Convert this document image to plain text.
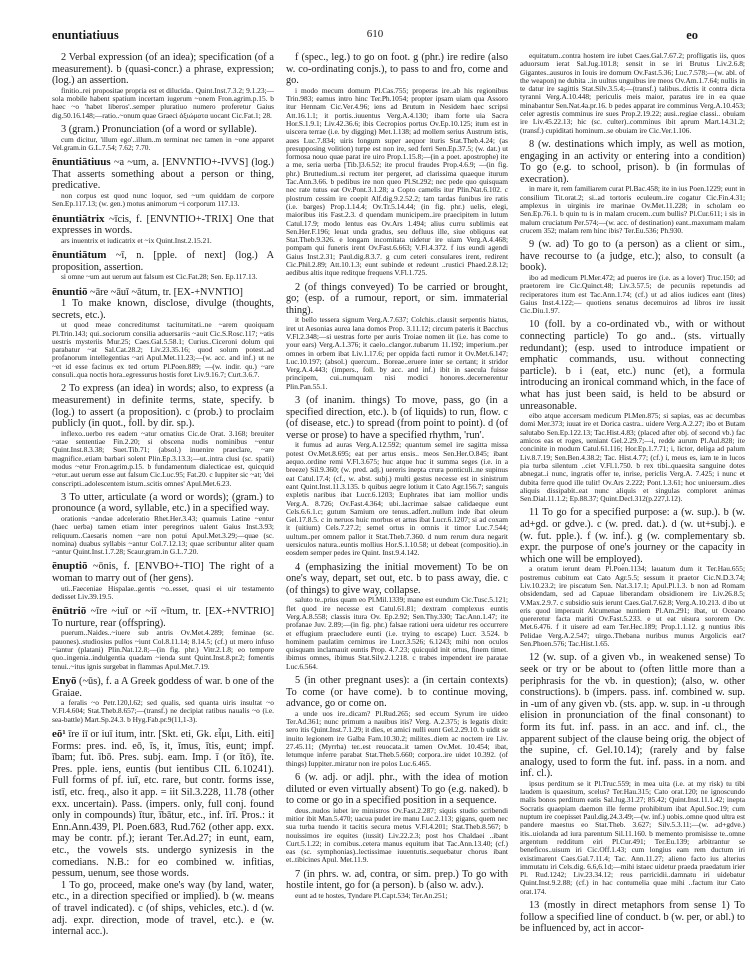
enuntiatiuus	610	eo

2 Verbal expression (of an idea); specification (of a measurement). b (quasi-concr.) a phrase, expression; (log.) an assertion.

finitio..rei propositae propria est et dilucida.. Quint.Inst.7.3.2; 9.1.23;—sola mobile habent spatium incertam iugerum ~onem Fron.agrim.p.15. b haec ~o 'habet liberos'..semper pluratiuo numero proferetur Gaius dig.50.16.148;—ratio..~onum quae Graeci ἀξιώματα uocant Cic.Fat.1; 28.

3 (gram.) Pronunciation (of a word or syllable).

cum dicitur, 'illum ego'..illum..m terminat nec tamen in ~one apparet Vel.gram.in G.L.7.54; 7.62; 7.70.

ēnuntiātiuus ~a ~um, a. [ENVNTIO+-IVVS] (log.) That asserts something about a person or thing, predicative.

non corpus est quod nunc loquor, sed ~um quiddam de corpore Sen.Ep.117.13; (w. gen.) motus animorum ~i corporum 117.13.

ēnuntiātrix ~īcis, f. [ENVNTIO+-TRIX] One that expresses in words.

ars inuentrix et iudicatrix et ~ix Quint.Inst.2.15.21.

ēnuntiātum ~ī, n. [pple. of next] (log.) A proposition, assertion.

si omne ~um aut uerum aut falsum est Cic.Fat.28; Sen. Ep.117.13.

ēnuntiō ~āre ~āuī ~ātum, tr. [EX-+NVNTIO]

1 To make known, disclose, divulge (thoughts, secrets, etc.).

ut quod meae concreditumst taciturnitati..ne ~arem quoiquam Pl.Trin.143; qui..sociorum consilia aduersariis ~auit Cic.S.Rosc.117; ~atis uestris mysteriis Mur.25; Caes.Gal.5.58.1; Curius..Ciceroni dolum qui parabatur ~at Sal.Cat.28.2; Liv.23.35.16; quod solum potest..ad profanorum intellegentias ~ari Apul.Met.11.23;—(w. acc. and inf.) ut ne ~et id esse facinus ex ted ortum Pl.Poen.889; —(w. indir. qu.) ~are consuli..qua noctis hora..egressurus hostis foret Liv.9.16.7; Curt.3.6.7.

2 To express (an idea) in words; also, to express (a measurement) in definite terms, state, specify. b (log.) to assert (a proposition). c (prob.) to proclaim publicly (in quot., foll. by dir. sp.).

inflexo..uerbo res eadem ~atur ornatius Cic.de Orat. 3.168; breuiter ~atae sententiae Fin.2.20; si obscena nudis nominibus ~entur Quint.Inst.8.3.38; Suet.Tib.71; (absol.) inuenire praeclare, ~are magnifice..etiam barbari solent Plin.Ep.3.13.3;—ut..intra clusi (sc. spatii) modus ~etur Fron.agrim.p.15. b fundamentum dialecticae est, quicquid ~etur..aut uerum esse aut falsum Cic.Luc.95; Fat.20. c Iuppiter sic ~at; 'dei conscripti..adolescentem istum..scitis omnes' Apul.Met.6.23.

3 To utter, articulate (a word or words); (gram.) to pronounce (a word, syllable, etc.) in a specified way.

orationis ~andae adceleratio Rhet.Her.3.43; quamuis Latine ~entur (haec uerba) tamen etiam inter peregrinos ualent Gaius Inst.3.93; reliquum..Caesaris nomen ~are non potui Apul.Met.3.29;—quae (sc. nomina) duabus syllabis ~antur Col.7.12.13; quae scribuntur aliter quam ~antur Quint.Inst.1.7.28; Scaur.gram.in G.L.7.20.

ēnuptiō ~ōnis, f. [ENVBO+-TIO] The right of a woman to marry out of (her gens).

uti..Faeceniae Hispalae..gentis ~o..esset, quasi ei uir testamento dedisset Liv.39.19.5.

ēnūtriō ~īre ~iuī or ~iī ~ītum, tr. [EX-+NVTRIO] To nurture, rear (offspring).

puerum..Naides..~iuere sub antris Ov.Met.4.289; feminae (sc. pauones)..studiosius pullos ~iunt Col.8.11.14; 8.14.5; (cf.) ut mero infuso ~iantur (platani) Plin.Nat.12.8;—(in fig. phr.) Vitr.2.1.8; eo tempore quo..ingenia..indulgentia quadam ~ienda sunt Quint.Inst.8.pr.2; fomentis tenui..~itus ignis surgebat in flammas Apul.Met.7.19.

Enyō (~ūs), f. a A Greek goddess of war. b one of the Graiae.

a feralis ~o Petr.120,l.62; sed qualis, sed quanta uiris insultat ~o V.Fl.4.604; Stat.Theb.8.657;—(transf.) ne decipiat ratibus naualis ~o (i.e. sea-battle) Mart.Sp.24.3. b Hyg.Fab.pr.9(11,1-3).

eō¹ īre iī or iuī itum, intr. [Skt. eti, Gk. εἶμι, Lith. eiti] Forms: pres. ind. eō, īs, it, īmus, ītis, eunt; impf. ībam; fut. ībō. Pres. subj. eam. Imp. ī (or ītō), īte. Pres. pple. iens, euntis (but ientibus CIL 6.10241). Full forms of pf. iuī, etc. rare, but contr. forms isse, istī, etc. freq., also it app. = iit Sil.3.228, 11.78 (other exx. uncertain). Pass. (impers. only, full conj. found only in compounds) ītur, ībātur, etc., inf. īrī. Pros.: it Enn.Ann.439, Pl. Poen.683, Rud.762 (other app. exx. may be contr. pf.); ierant Ter.Ad.27; in eunt, eam, etc., the vowels sts. undergo synizesis in the comedians. N.B.: for eo combined w. infitias, pessum, uenum, see those words.

1 To go, proceed, make one's way (by land, water, etc., in a direction specified or implied). b (w. means of travel indicated). c (of ships, vehicles, etc.). d (w. adj. expr. direction, mode of travel, etc.). e (w. internal acc.).

f (spec., leg.) to go on foot. g (phr.) ire redire (also w. co-ordinating conjs.), to pass to and fro, come and go.

i modo mecum domum Pl.Cas.755; properas ire..ab his regionibus Trin.983; eamus intro hinc Ter.Ph.1054; propter ipsam uiam qua Assoro itur Hennam Cic.Ver.4.96; iens ad Brutum in Nesidem haec scripsi Att.16.1.1; it portis..iuuentus Verg.A.4.130; ibam forte uia Sacra Hor.S.1.9.1; Liv.42.36.6; ibis Cecropios portus Ov.Ep.10.125; itum est in uiscera terrae (i.e. by digging) Met.1.138; ad mollem serius Austrum istis, aues Luc.7.834; uiris longum super aequor ituris Stat.Theb.4.24; (as presupposing volition) turpe est non ire, sed ferri Sen.Ep.37.5; (w. dat.) ut formosa nouo quae parat ire uiro Prop.1.15.8;—(in a poet. apostrophe) ite a me, seria uerba [Tib.]3.6.52; ite procul fraudes Prop.4.6.9; —(in fig. phr.) Bruttedium..si rectum iter pergeret, ad clarissima quaeque iturum Tac.Ann.3.66. b pedibus ire non queo Pl.St.292; nec pede quo quisquam nec rate tutus eat Ov.Pont.3.1.28; a Copto camelis itur Plin.Nat.6.102. c plostrum cessim ire coepit Alf.dig.9.2.52.2; tam tardas funibus ire ratis (i.e. barges) Prop.1.14.4; Ov.Tr.5.14.44; (in fig. phr.) uelis, elegi, maioribus itis Fast.2.3. d quendam municipem..ire praecipitem in lutum Catul.17.9; modo lentus eas Ov.Ars 1.494; alius curru sublimis eat Sen.Her.F.196; leuat unda gradus, seu defluus ille, siue obliquus eat Stat.Theb.9.326. e longam incomitata uidetur ire uiam Verg.A.4.468; pompam qui funeris irent Ov.Fast.6.663; V.Fl.4.372. f ius eundi agendi Gaius Inst.2.31; Paul.dig.8.3.7. g cum ceteri consulares irent, redirent Cic.Phil.2.89; Att.10.1.3; eunt subinde et redeunt ..rustici Phaed.2.8.12; aedibus altis itque reditque frequens V.Fl.1.725.

2 (of things conveyed) To be carried or brought, go; (esp. of a rumour, report, or sim. immaterial thing).

it bello tessera signum Verg.A.7.637; Colchis..clausit serpentis hiatus, iret ut Aesonias aurea lana domos Prop. 3.11.12; circum pateris it Bacchus V.Fl.2.348;—si uestras forte per auris Troiae nomen iit (i.e. has come to your ears) Verg.A.1.376; it caelo..clangor..tubarum 11.192; imperium..per omnes in orbem ibat Liv.1.17.6; per oppida facti rumor it Ov.Met.6.147; Luc.10.197; (absol.) quercum.. Boreae..eruere inter se certant; it stridor Verg.A.4.443; (impers., foll. by acc. and inf.) ibit in saecula fuisse principem, cui..numquam nisi modici honores..decernerentur Plin.Pan.55.1.

3 (of inanim. things) To move, pass, go (in a specified direction, etc.). b (of liquids) to run, flow. c (of disease, etc.) to spread (from point to point). d (of verse or prose) to have a specified rhythm, 'run'.

it fumus ad auras Verg.A.12.592; quantum semel ire sagitta missa potest Ov.Met.8.695; eat per artus ensis.. meos Sen.Her.O.845; ibant aequo..ordine remi V.Fl.3.675; huc atque huc it summa seges (i.e. in a breeze) Sil.9.360; (w. pred. adj.) uereris inepta crura ponticuli..ne supinus eat Catul.17.4; (cf., w. abst. subj.) multi gestus necesse est in sinistrum eant Quint.Inst.11.3.135. b quibus aegre lotium it Cato Agr.156.7; sanguis expletis naribus ibat Lucr.6.1203; Euphrates ibat iam mollior undis Verg.A. 8.726; Ov.Fast.4.364; ubi..lacrimae salsae calidaeque eunt Cels.6.6.1.c; gutum Samium ore tenus..adfert..nullum inde ibat oleum Gel.17.8.5. c in neruos huic morbus et artus ibat Lucr.6.1207; si ad coxam it (uitium) Cels.7.27.2; semel ortus in omnis it timor Luc.7.544; uultum..per omnem pallor it Stat.Theb.7.360. d num rerum dura negarit uersiculos natura..euntis mollius Hor.S.1.10.58; ut debeat (compositio)..in eosdem semper pedes ire Quint. Inst.9.4.142.

4 (emphasizing the initial movement) To be on one's way, depart, set out, etc. b to pass away, die. c (of things) to give way, collapse.

saluto te..prius quam eo Pl.Mil.1339; mane est eundum Cic.Tusc.5.121; flet quod ire necesse est Catul.61.81; dextram complexus euntis Verg.A.8.558; classis itura Ov. Ep.2.92; Sen.Thy.330; Tac.Ann.1.47; ite profanae Juv. 2.89;—(in fig. phr.) falsae rationi uera uidetur res occurrere et effugium praecludere eunti (i.e. trying to escape) Lucr. 3.524. b hominem paulatim cernimus ire Lucr.3.526; 6.1243; mihi non oculos quisquam inclamauit euntis Prop. 4.7.23; quicquid init ortus, finem timet. ibimus omnes, ibimus Stat.Silv.2.1.218. c trabes impendent ire paratae Luc.6.564.

5 (in other pregnant uses): a (in certain contexts) To come (or have come). b to continue moving, advance, go or come on.

a unde uos ire..dicam? Pl.Rud.265; sed eccum Syrum ire uideo Ter.Ad.361; nunc primum a nauibus itis? Verg. A.2.375; is legatis dixit: sero itis Quint.Inst.7.1.29; it dies, et amici nulli eunt Gel.2.29.10. b uidit se inuito legionem ire Galba Fam.10.30.2; milites..diem ac noctem ire Liv. 27.45.11; (Myrrha) ter..est reuocata..it tamen Ov.Met. 10.454; ibat, letumque inferre parabat Stat.Theb.5.660; corpora..ire uidet 10.392. (of things) Iuppiter..miratur non ire polos Luc.6.465.

6 (w. adj. or adjl. phr., with the idea of motion diluted or even virtually absent) To go (e.g. naked). b to come or go in a specified position in a sequence.

deus..nudos iubet ire ministros Ov.Fast.2.287; siquis studio scribendi mitior ibit Man.5.470; uacua pudet ire manu Luc.2.113; gigans, quem nec sua turba tuendo it tacitis secura metus V.Fl.4.201; Stat.Theb.8.567; b nouissimos ire equites (iussit) Liv.22.2.3; post hos Chaldaei ..ibant Curt.5.1.22; in cornibus..cetera manus equitum ibat Tac.Ann.13.40; (cf.) eas (sc. symphonias)..lectissimae iuuentutis..sequebatur chorus ibant et..tibicines Apul. Met.11.9.

7 (in phrs. w. ad, contra, or sim. prep.) To go with hostile intent, go for (a person). b (also w. adv.).

eunt ad te hostes, Tyndare Pl.Capt.534; Ter.An.251;

equitatum..contra hostem ire iubet Caes.Gal.7.67.2; profligatis iis, quos aduorsum ierat Sal.Jug.101.8; sensit in se iri Brutus Liv.2.6.8; Gigantes..ausuros in Iouis ire domum Ov.Fast.5.36; Luc.7.578;—(w. abl. of the weapon) ne dubita ..in uultus unguibus ire meos Ov.Am.1.7.64; nullis in te datur ire sagittis Stat.Silv.3.5.4;—(transf.) talibus..dictis it contra dicta tyranni Verg.A.10.448; periculis meis maior, paratus ire in ea quae minabantur Sen.Nat.4a.pr.16. b pedes apparat ire comminus Verg.A.10.453; celer agrestis comminus ire sues Prop.2.19.22; ausi..regiae classi.. obuiam ire Liv.45.22.13; hic (sc. culter)..comminus ibit aprum Mart.14.31.2; (transf.) cupiditati hominum..se obuiam ire Cic.Ver.1.106.

8 (w. destinations which imply, as well as motion, engaging in an activity or entering into a condition) To go (e.g. to school, prison). b (in formulas of execration).

in mare it, rem familiarem curat Pl.Bac.458; ite in ius Poen.1229; eunt in consilium Tit.orat.2; si..ad tortoris eculeum..ire cogatur Cic.Fin.4.31; amplexus in uirginis ire marinae Ov.Met.11.228; in scholam eo Sen.Ep.76.1. b quin tu is in malam crucem..cum bullis? Pl.Cur.611; i sis in malum cruciatum Per.574;—(w. acc. of destination) eant..maxumam malam crucem 352; malam rem hinc ibis? Ter.Eu.536; Ph.930.

9 (w. ad) To go to (a person) as a client or sim., have recourse to (a judge, etc.); also, to consult (a book).

ibo ad medicum Pl.Mer.472; ad pueros ire (i.e. as a lover) Truc.150; ad praetorem ire Cic.Quinct.48; Liv.3.57.5; de pecuniis repetundis ad reciperatores itum est Tac.Ann.1.74; (cf.) ut ad alios iudices eant (lites) Gaius Inst.4.122;— quotiens senatus decemuiros ad libros ire iussit Cic.Diu.1.97.

10 (foll. by a co-ordinated vb., with or without connecting particle) To go and.. (sts. virtually redundant); (esp. used to introduce impatient or emphatic commands, usu. without connecting particle). b i (eat, etc.) nunc (et), a formula introducing an ironical command which, in the face of what has just been said, is held to be absurd or unreasonable.

eibo atque accersam medicum Pl.Men.875; si sapias, eas ac decumbas domi Mer.373; iuuat ire et Dorica castra.. uidere Verg.A.2.27; ibo et Butam salutabo Sen.Ep.122.13; Tac.Hist.4.83; (placed after obj. of second vb.) fac amicos eas et roges, ueniant Gel.2.29.7;—i, redde aurum Pl.Aul.828; ite concinite in modum Catul.61.116; Hor.Ep.1.7.71; i, lictor, deliga ad palum Liv.8.7.19; Sen.Ben.4.38.2; Tac. Hist.4.77; (cf.) i, meus es, iam te in lucos pia turba silentum ..ciet V.Fl.1.750. b rex tibi..quaesita sanguine dotes abnegat..i nunc, ingratis offer te, inrise, periclis Verg.A. 7.425; i nunc et dubita ferre quod ille tulit! Ov.Ars 2.222; Pont.1.3.61; hoc uniuersum..dies aliquis dissipabit..eat nunc aliquis et singulas comploret animas Sen.Dial.11.1.2; Ep.88.37; Quint.Decl.312(p.227,l.12).

11 To go for a specified purpose: a (w. sup.). b (w. ad+gd. or gdve.). c (w. pred. dat.). d (w. ut+subj.). e (w. fut. pple.). f (w. inf.). g (w. complementary sb. expr. the purpose of one's journey or the capacity in which one will be employed).

a oratum ierunt deam Pl.Poen.1134; lauatum dum it Ter.Hau.655; postremus cubitum eat Cato Agr.5.5; sessum it praetor Cic.N.D.3.74; Liv.10.23.2; ire piscatum Sen. Nat.3.17.1; Apul.Pl.1.3. b non ad Romam obsidendam, sed ad Capuae liberandam obsidionem ire Liv.26.8.5; V.Max.2.9.7. c subsidio suis ierunt Caes.Gal.7.62.8; Verg.A.10.213. d ibo ut eris quod imperauit Alcumenae nuntiem Pl.Am.291; ibat, ut Oceano quereretur facta mariti Ov.Fast.5.233. e ut eat uisura sororem Ov. Met.6.476. f it uisere ad eam Ter.Hec.189; Prop.1.1.12. g nuntius ibis Pelidae Verg.A.2.547; uirgo..Thebana nuribus munus Argolicis eat? Sen.Phoen.576; Tac.Hist.1.65.

12 (w. sup. of a given vb., in weakened sense) To seek or try or be about to (often little more than a periphrasis for the vb. in question); (also, w. other constructions). b (impers. pass. inf. combined w. sup. in -um of any given vb. (sts. app. w. sup. in -u through elision in pronunciation of the final consonant) to form its fut. inf. pass. in an acc. and inf. cl., the apparent subject of the clause being orig. the object of the supine, cf. Gel.10.14); (rarely and by false analogy, used to form the fut. inf. pass. in a nom. and inf. cl.).

ipsus perditum se it Pl.Truc.559; in mea uita (i.e. at my risk) tu tibi laudem is quaesitum, scelus? Ter.Hau.315; Cato orat.120; ne ignoscundo malis bonos perditum eatis Sal.Jug.31.27; 85.42; Quint.Inst.11.1.42; inepta Socratis quaepiam daemon ille ferme prohibitum ibat Apul.Soc.19; cum nuptum ire coepisset Paul.dig.24.3.49;—(w. inf.) uobis..omne quod ultra est pandere maestus eo Stat.Theb. 3.627; Silv.5.3.11;—(w. ad+gdve.) itis..uiolanda ad iura parentum Sil.11.160. b memento promisisse te..omne argentum redditum eiri Pl.Cur.491; Ter.Eu.139; arbitrantur se beneficos..uisum iri Cic.Off.1.43; cum longius eam rem ductum iri existimarent Caes.Gal.7.11.4; Tac. Ann.11.27; alieno facto ius alterius immutatu iri Cels.dig. 6.6,6.1d;—mihi istaec uidetur praeda praedatum irier Pl. Rud.1242; Liv.23.34.12; reus parricidii..damnatu iri uidebatur Quint.Inst.9.2.88; (cf.) in hac contumelia quae mihi ..factum itur Cato orat.174.

13 (mostly in direct metaphors from sense 1) To follow a specified line of conduct. b (w. per, or abl.) to be influenced by, act in accor-
